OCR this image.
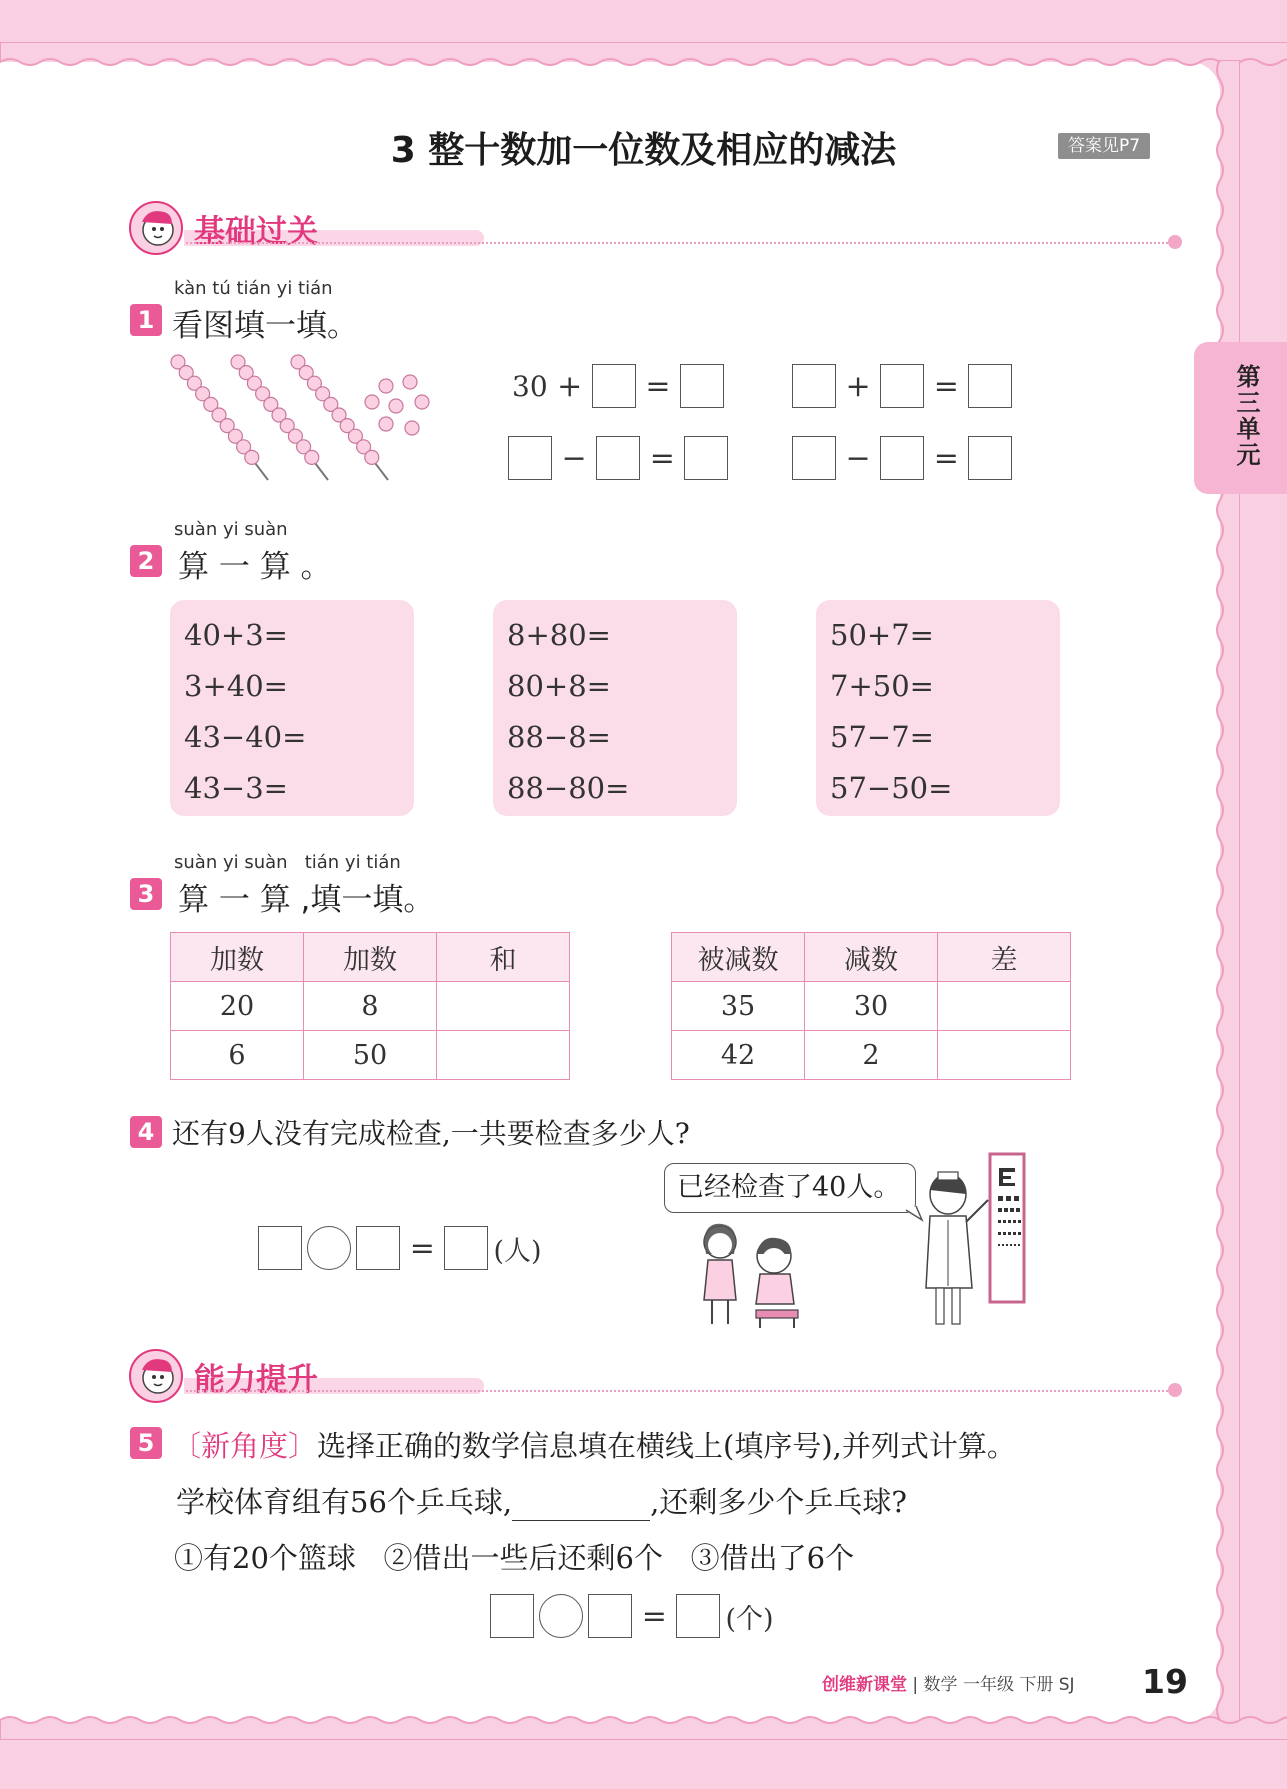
3 整十数加一位数及相应的减法	答案见P7
第三单元
基础过关
kàn tú tián yi tián
1 看图填一填。
30 + =	+ =
− =	− =
suàn yi suàn
2 算 一 算 。
40+3=
3+40=
43−40=
43−3=
8+80=
80+8=
88−8=
88−80=
50+7=
7+50=
57−7=
57−50=
suàn yi suàn   tián yi tián
3 算 一 算 ,填一填。
加数	加数	和
20	8	
6	50	
被减数	减数	差
35	30	
42	2	
4 还有9人没有完成检查,一共要检查多少人?
= (人)
已经检查了40人。
能力提升
5 〔新角度〕选择正确的数学信息填在横线上(填序号),并列式计算。
学校体育组有56个乒乓球,	,还剩多少个乒乓球?
①有20个篮球   ②借出一些后还剩6个   ③借出了6个
= (个)
创维新课堂 | 数学 一年级 下册 SJ 19
